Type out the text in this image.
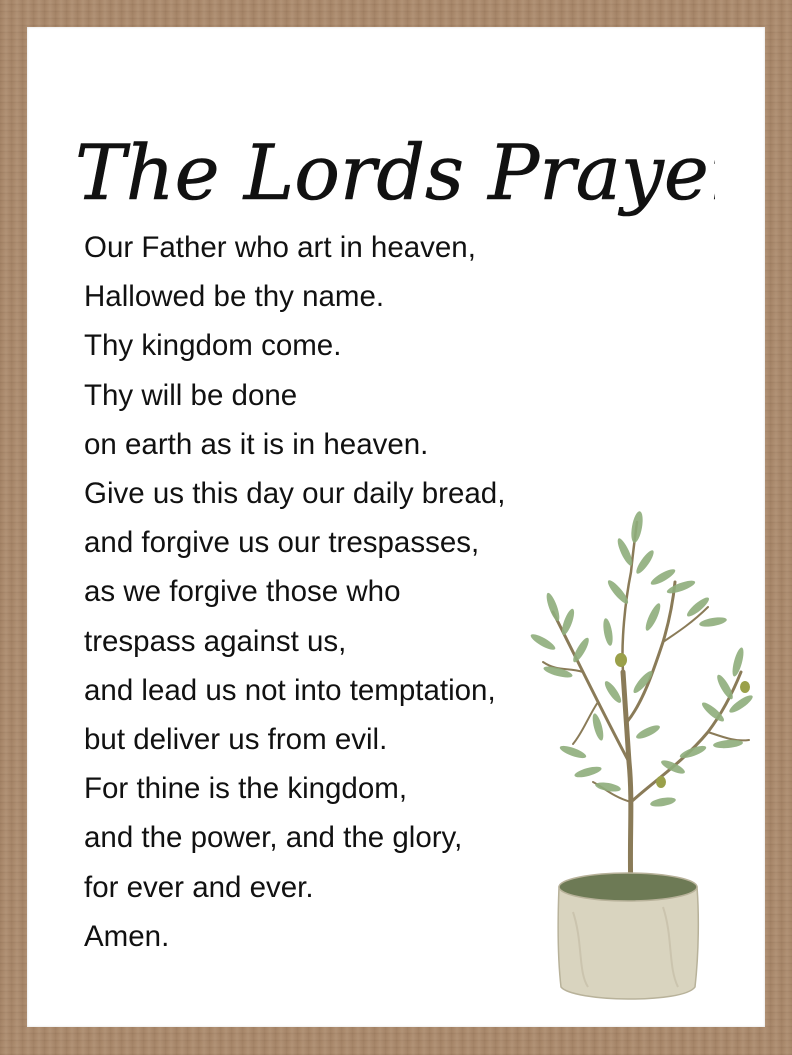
The Lords Prayer
Our Father who art in heaven,
Hallowed be thy name.
Thy kingdom come.
Thy will be done
on earth as it is in heaven.
Give us this day our daily bread,
and forgive us our trespasses,
as we forgive those who
trespass against us,
and lead us not into temptation,
but deliver us from evil.
For thine is the kingdom,
and the power, and the glory,
for ever and ever.
Amen.
